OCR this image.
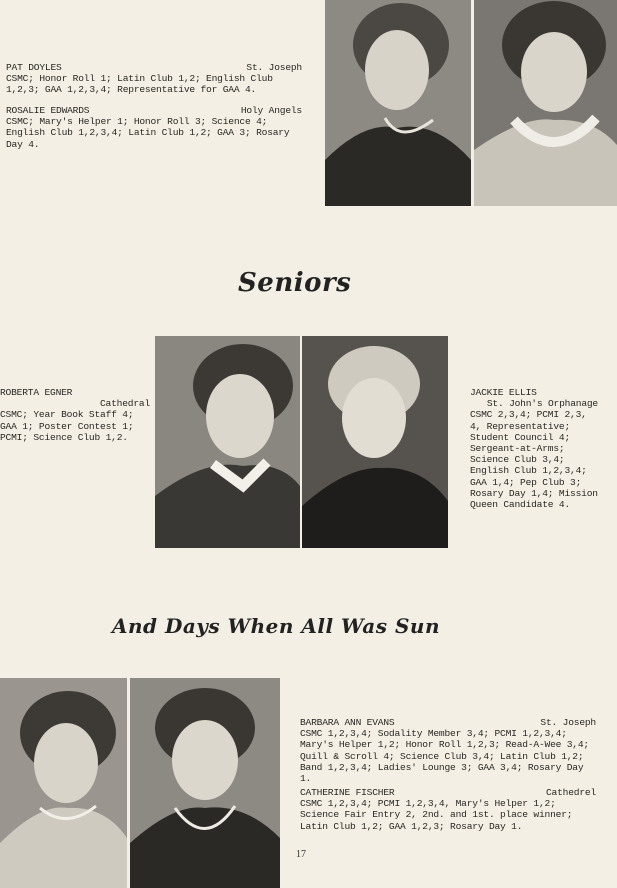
PAT DOYLES	St. Joseph

CSMC; Honor Roll 1; Latin Club 1,2; English Club 1,2,3; GAA 1,2,3,4; Representative for GAA 4.

ROSALIE EDWARDS	Holy Angels

CSMC; Mary's Helper 1; Honor Roll 3; Science 4; English Club 1,2,3,4; Latin Club 1,2; GAA 3; Rosary Day 4.

Seniors

ROBERTA EGNER

Cathedral

CSMC; Year Book Staff 4; GAA 1; Poster Contest 1; PCMI; Science Club 1,2.

JACKIE ELLIS

St. John's Orphanage

CSMC 2,3,4; PCMI 2,3, 4, Representative; Student Council 4; Sergeant-at-Arms; Science Club 3,4; English Club 1,2,3,4; GAA 1,4; Pep Club 3; Rosary Day 1,4; Mission Queen Candidate 4.

And Days When All Was Sun
BARBARA ANN EVANS	St. Joseph

CSMC 1,2,3,4; Sodality Member 3,4; PCMI 1,2,3,4; Mary's Helper 1,2; Honor Roll 1,2,3; Read-A-Wee 3,4; Quill & Scroll 4; Science Club 3,4; Latin Club 1,2; Band 1,2,3,4; Ladies' Lounge 3; GAA 3,4; Rosary Day 1.

CATHERINE FISCHER	Cathedrel

CSMC 1,2,3,4; PCMI 1,2,3,4, Mary's Helper 1,2; Science Fair Entry 2, 2nd. and 1st. place winner; Latin Club 1,2; GAA 1,2,3; Rosary Day 1.

17
